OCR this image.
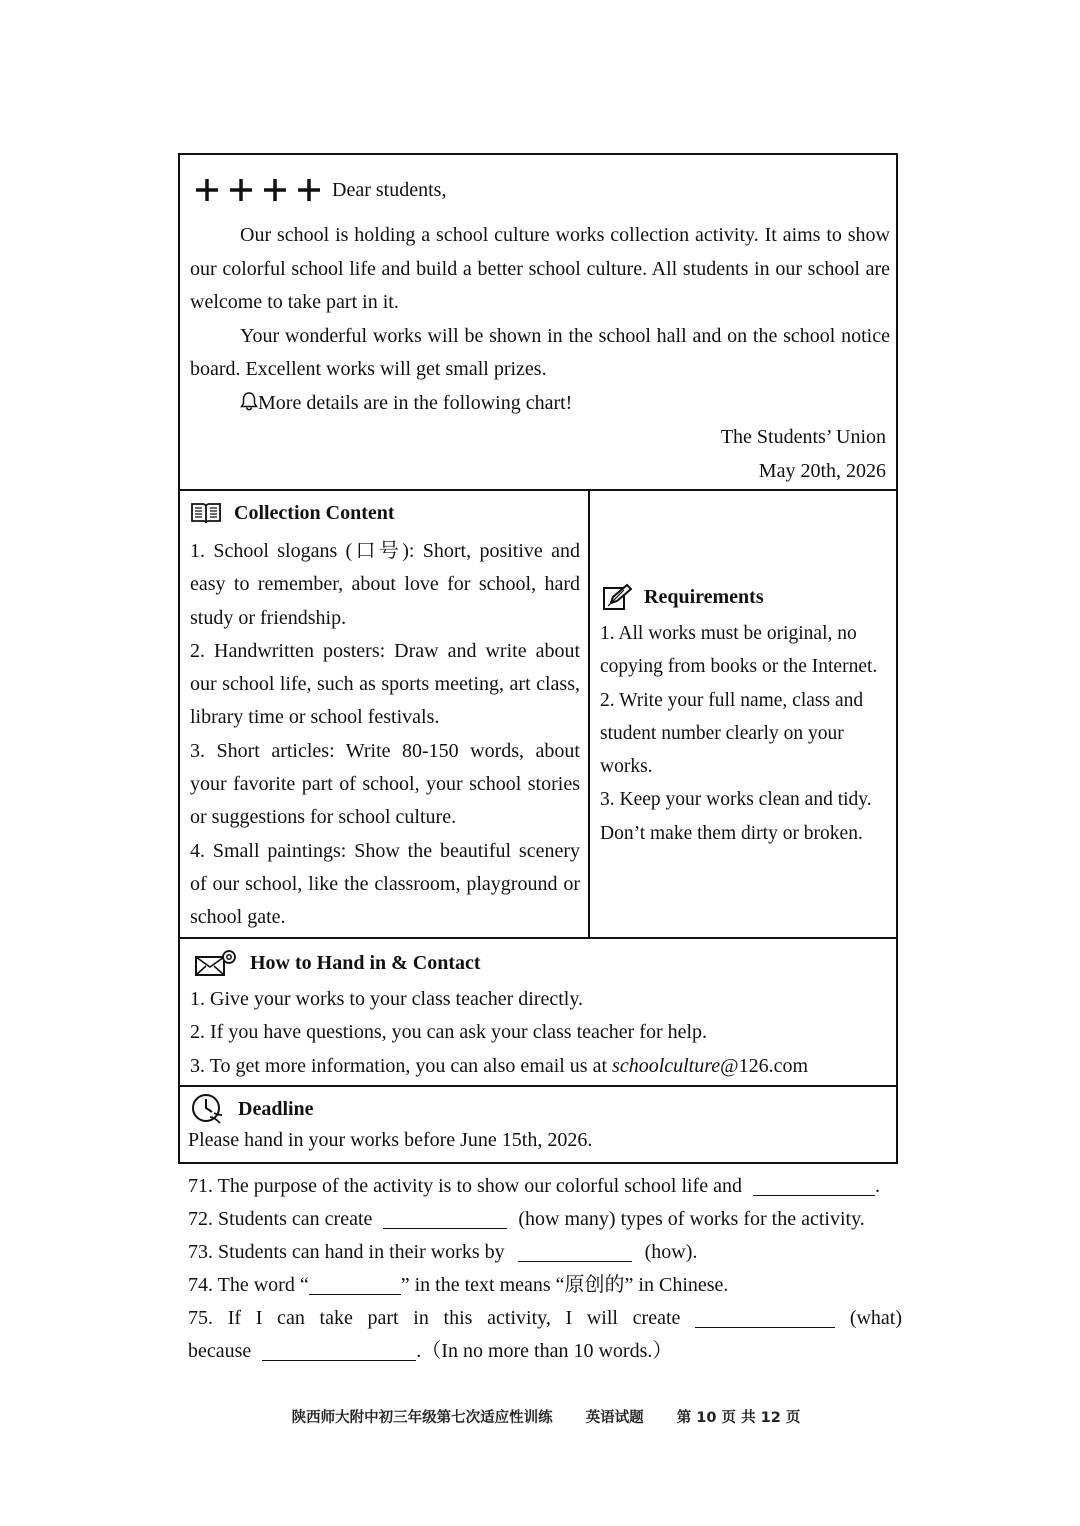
Dear students,

Our school is holding a school culture works collection activity. It aims to show our colorful school life and build a better school culture. All students in our school are welcome to take part in it.

Your wonderful works will be shown in the school hall and on the school notice board. Excellent works will get small prizes.

More details are in the following chart!
The Students’ Union
May 20th, 2026
Collection Content
1. School slogans (口号): Short, positive and easy to remember, about love for school, hard study or friendship.
2. Handwritten posters: Draw and write about our school life, such as sports meeting, art class, library time or school festivals.
3. Short articles: Write 80-150 words, about your favorite part of school, your school stories or suggestions for school culture.
4. Small paintings: Show the beautiful scenery of our school, like the classroom, playground or school gate.
Requirements
1. All works must be original, no copying from books or the Internet.
2. Write your full name, class and student number clearly on your works.
3. Keep your works clean and tidy. Don’t make them dirty or broken.
How to Hand in & Contact
1. Give your works to your class teacher directly.
2. If you have questions, you can ask your class teacher for help.
3. To get more information, you can also email us at schoolculture@126.com
Deadline
Please hand in your works before June 15th, 2026.
71. The purpose of the activity is to show our colorful school life and	.
72. Students can create	(how many) types of works for the activity.
73. Students can hand in their works by	(how).
74. The word “	” in the text means “原创的” in Chinese.
75. If I can take part in this activity, I will create	(what)
because	.（In no more than 10 words.）
陕西师大附中初三年级第七次适应性训练 英语试题 第 10 页 共 12 页
